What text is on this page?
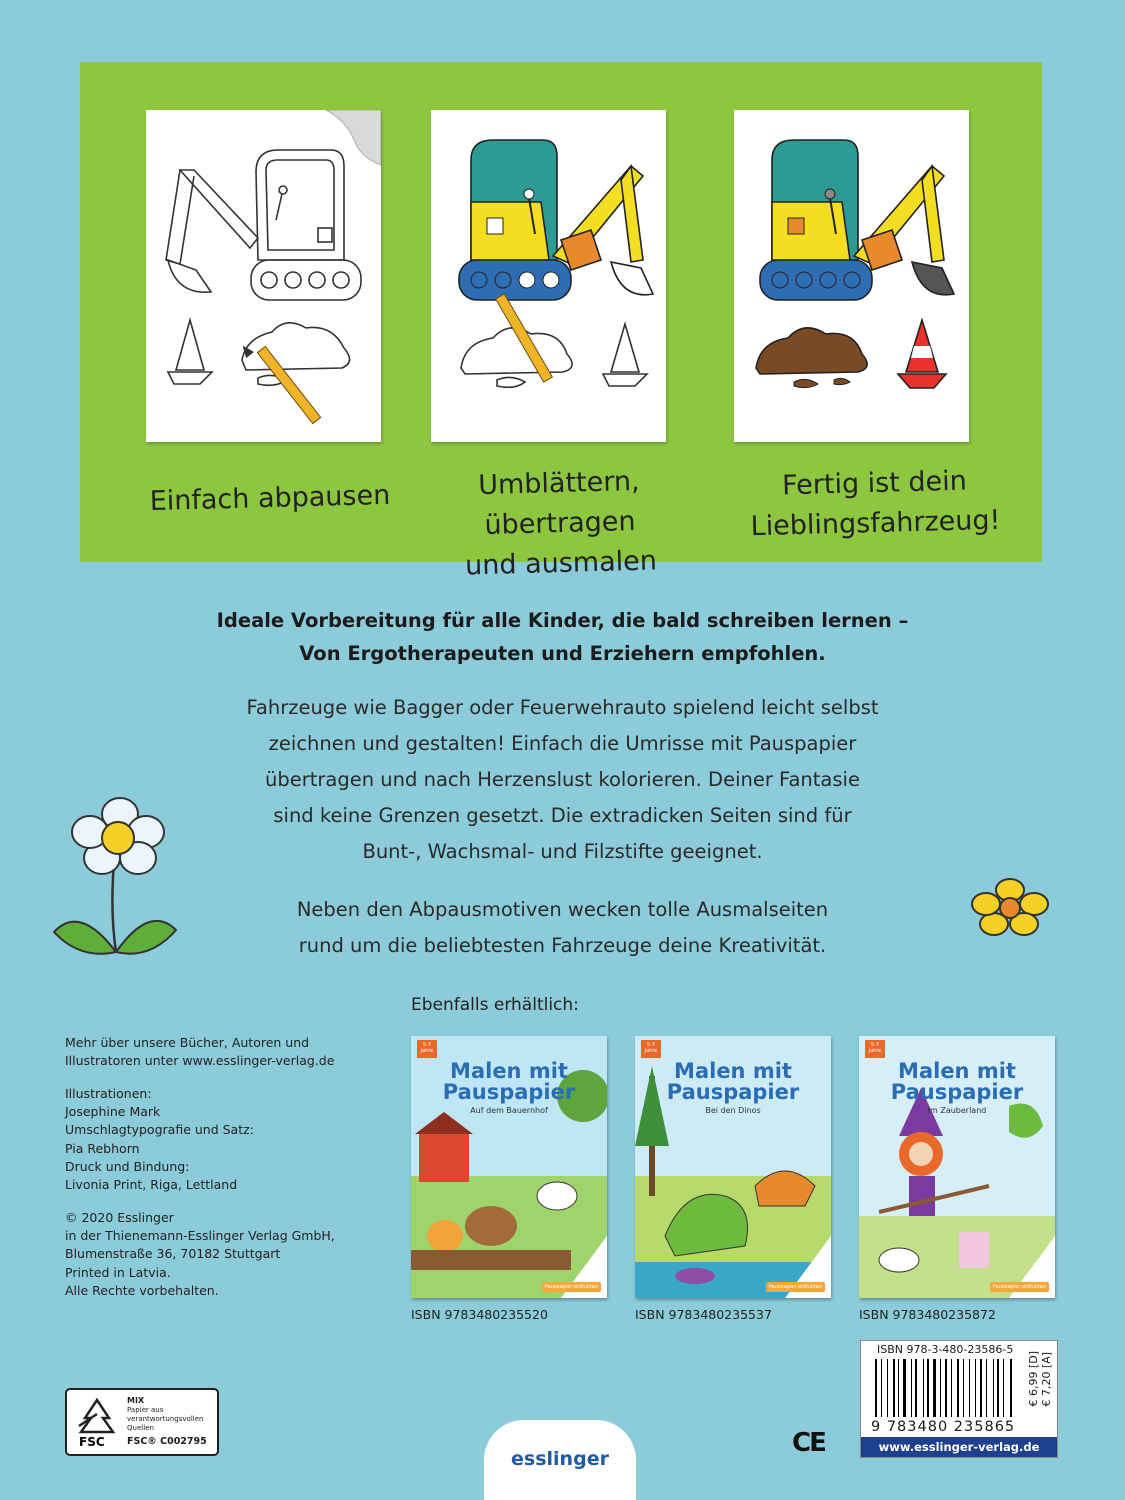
Einfach abpausen	Umblättern, übertragen
und ausmalen
Fertig ist dein
Lieblingsfahrzeug!
Ideale Vorbereitung für alle Kinder, die bald schreiben lernen –
Von Ergotherapeuten und Erziehern empfohlen.
Fahrzeuge wie Bagger oder Feuerwehrauto spielend leicht selbst
zeichnen und gestalten! Einfach die Umrisse mit Pauspapier
übertragen und nach Herzenslust kolorieren. Deiner Fantasie
sind keine Grenzen gesetzt. Die extradicken Seiten sind für
Bunt-, Wachsmal- und Filzstifte geeignet.
Neben den Abpausmotiven wecken tolle Ausmalseiten
rund um die beliebtesten Fahrzeuge deine Kreativität.
Ebenfalls erhältlich:
5-7 Jahre
Malen mit
Pauspapier
Auf dem Bauernhof
Pauspapier enthalten
ISBN 9783480235520
5-7 Jahre
Malen mit
Pauspapier
Bei den Dinos
Pauspapier enthalten
ISBN 9783480235537
5-7 Jahre
Malen mit
Pauspapier
Im Zauberland
Pauspapier enthalten
ISBN 9783480235872
Mehr über unsere Bücher, Autoren und
Illustratoren unter www.esslinger-verlag.de
Illustrationen:
Josephine Mark
Umschlagtypografie und Satz:
Pia Rebhorn
Druck und Bindung:
Livonia Print, Riga, Lettland
© 2020 Esslinger
in der Thienemann-Esslinger Verlag GmbH,
Blumenstraße 36, 70182 Stuttgart
Printed in Latvia.
Alle Rechte vorbehalten.
FSC
MIX
Papier aus verantwortungsvollen Quellen
FSC® C002795
esslinger
CE
ISBN 978-3-480-23586-5
9 783480 235865
€ 6,99 [D]
€ 7,20 [A]
www.esslinger-verlag.de
